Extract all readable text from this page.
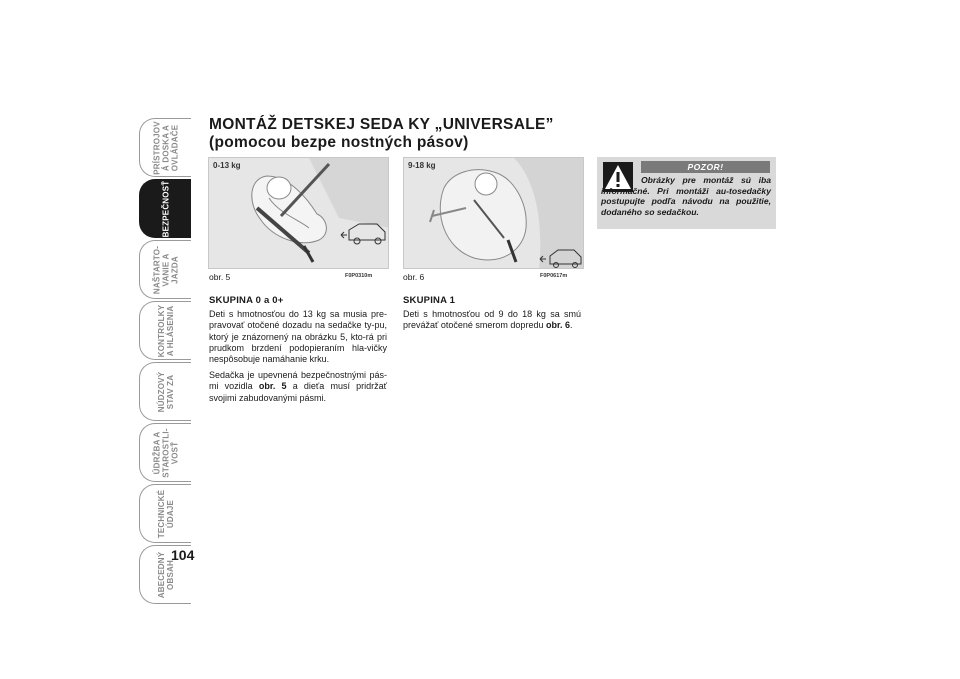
PRÍSTROJOV
Á DOSKA A
OVLÁDAČE
BEZPEČNOSŤ
NAŠTARTO-
VANIE A
JAZDA
KONTROLKY
A HLÁSENIA
NÚDZOVÝ
STAV ZA
ÚDRŽBA A
STAROSTLI-
VOSŤ
TECHNICKÉ
ÚDAJE
ABECEDNÝ
OBSAH
104
MONTÁŽ DETSKEJ SEDA KY „UNIVERSALE”
(pomocou bezpe nostných pásov)
0-13 kg
obr. 5	F0P0310m
9-18 kg
obr. 6	F0P0617m
SKUPINA 0 a 0+

Deti s hmotnosťou do 13 kg sa musia pre-pravovať otočené dozadu na sedačke ty-pu, ktorý je znázornený na obrázku 5, kto-rá pri prudkom brzdení podopieraním hla-vičky nespôsobuje namáhanie krku.

Sedačka je upevnená bezpečnostnými pás-mi vozidla obr. 5 a dieťa musí pridržať svojimi zabudovanými pásmi.

SKUPINA 1

Deti s hmotnosťou od 9 do 18 kg sa smú prevážať otočené smerom dopredu obr. 6.

POZOR!
Obrázky pre montáž sú iba informačné. Pri montáži au-tosedačky postupujte podľa návodu na použitie, dodaného so sedačkou.
